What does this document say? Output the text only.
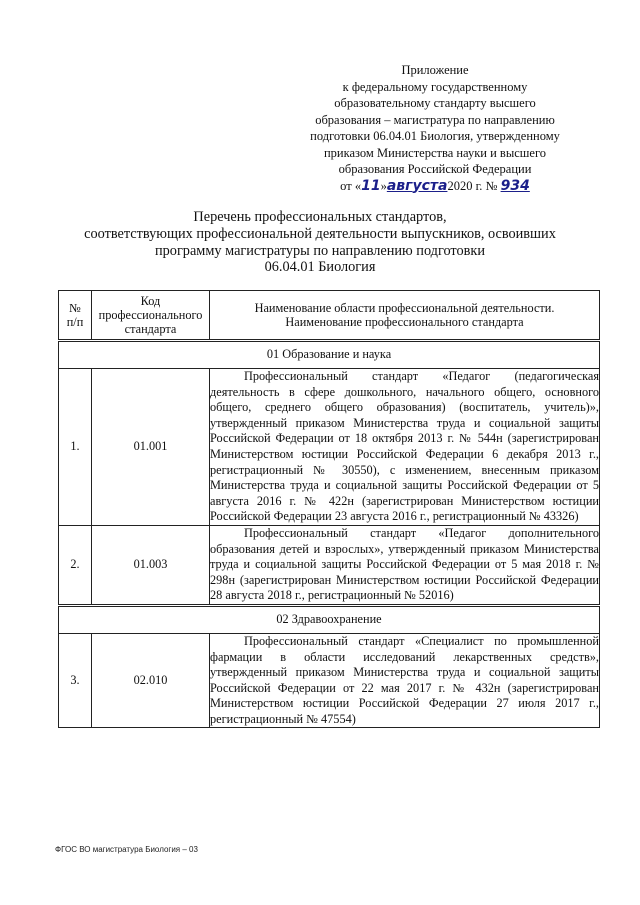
Приложение
к федеральному государственному
образовательному стандарту высшего
образования – магистратура по направлению
подготовки 06.04.01 Биология, утвержденному
приказом Министерства науки и высшего
образования Российской Федерации
от «11»августа2020 г. № 934
Перечень профессиональных стандартов,
соответствующих профессиональной деятельности выпускников, освоивших
программу магистратуры по направлению подготовки
06.04.01 Биология
№ п/п	Код профессионального стандарта	Наименование области профессиональной деятельности.
Наименование профессионального стандарта

01 Образование и наука		
1.	01.001	Профессиональный стандарт «Педагог (педагогическая деятельность в сфере дошкольного, начального общего, основного общего, среднего общего образования) (воспитатель, учитель)», утвержденный приказом Министерства труда и социальной защиты Российской Федерации от 18 октября 2013 г. № 544н (зарегистрирован Министерством юстиции Российской Федерации 6 декабря 2013 г., регистрационный № 30550), с изменением, внесенным приказом Министерства труда и социальной защиты Российской Федерации от 5 августа 2016 г. № 422н (зарегистрирован Министерством юстиции Российской Федерации 23 августа 2016 г., регистрационный № 43326)

2.	01.003	Профессиональный стандарт «Педагог дополнительного образования детей и взрослых», утвержденный приказом Министерства труда и социальной защиты Российской Федерации от 5 мая 2018 г. № 298н (зарегистрирован Министерством юстиции Российской Федерации 28 августа 2018 г., регистрационный № 52016)

02 Здравоохранение		
3.	02.010	Профессиональный стандарт «Специалист по промышленной фармации в области исследований лекарственных средств», утвержденный приказом Министерства труда и социальной защиты Российской Федерации от 22 мая 2017 г. № 432н (зарегистрирован Министерством юстиции Российской Федерации 27 июля 2017 г., регистрационный № 47554)

ФГОС ВО магистратура Биология – 03
